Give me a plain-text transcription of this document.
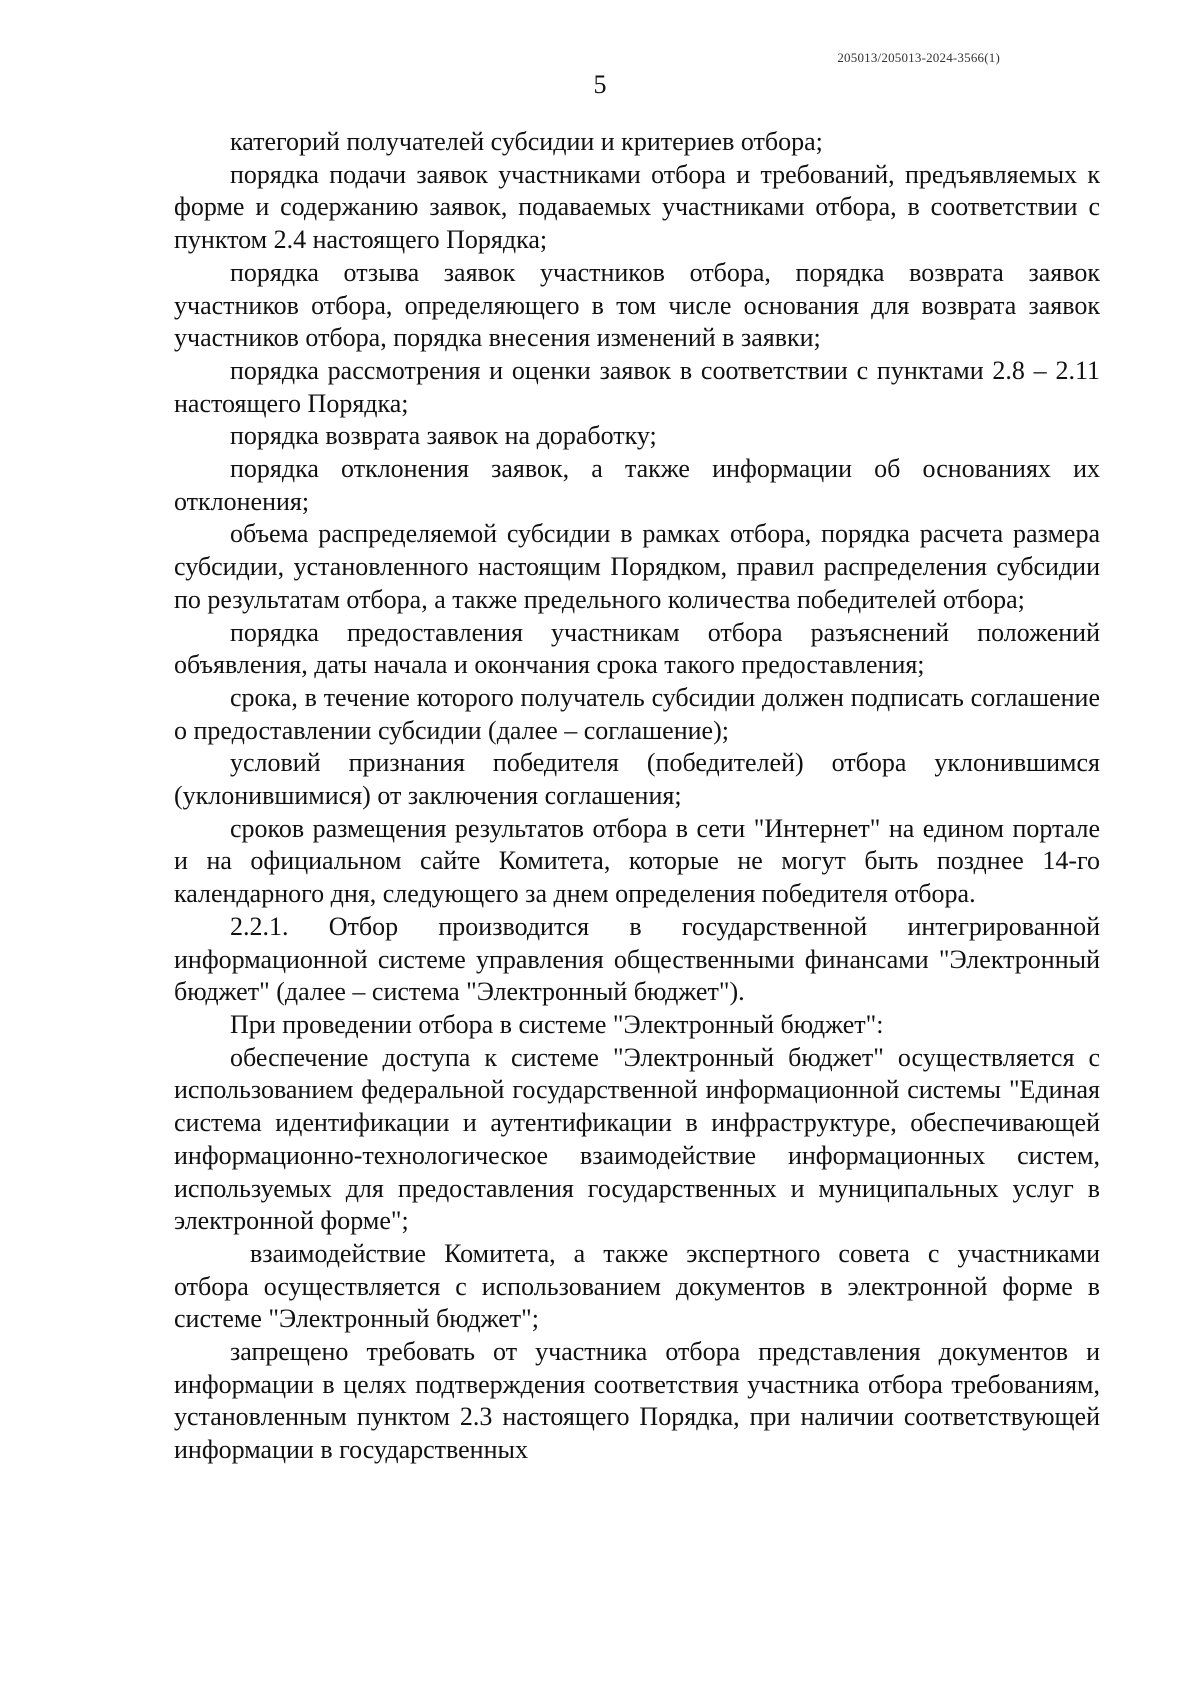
205013/205013-2024-3566(1)
5

категорий получателей субсидии и критериев отбора;

порядка подачи заявок участниками отбора и требований, предъявляемых к форме и содержанию заявок, подаваемых участниками отбора, в соответствии с пунктом 2.4 настоящего Порядка;

порядка отзыва заявок участников отбора, порядка возврата заявок участников отбора, определяющего в том числе основания для возврата заявок участников отбора, порядка внесения изменений в заявки;

порядка рассмотрения и оценки заявок в соответствии с пунктами 2.8 – 2.11 настоящего Порядка;

порядка возврата заявок на доработку;

порядка отклонения заявок, а также информации об основаниях их отклонения;

объема распределяемой субсидии в рамках отбора, порядка расчета размера субсидии, установленного настоящим Порядком, правил распределения субсидии по результатам отбора, а также предельного количества победителей отбора;

порядка предоставления участникам отбора разъяснений положений объявления, даты начала и окончания срока такого предоставления;

срока, в течение которого получатель субсидии должен подписать соглашение о предоставлении субсидии (далее – соглашение);

условий признания победителя (победителей) отбора уклонившимся (уклонившимися) от заключения соглашения;

сроков размещения результатов отбора в сети "Интернет" на едином портале и на официальном сайте Комитета, которые не могут быть позднее 14-го календарного дня, следующего за днем определения победителя отбора.

2.2.1. Отбор производится в государственной интегрированной информационной системе управления общественными финансами "Электронный бюджет" (далее – система "Электронный бюджет").

При проведении отбора в системе "Электронный бюджет":

обеспечение доступа к системе "Электронный бюджет" осуществляется с использованием федеральной государственной информационной системы "Единая система идентификации и аутентификации в инфраструктуре, обеспечивающей информационно-технологическое взаимодействие информационных систем, используемых для предоставления государственных и муниципальных услуг в электронной форме";

взаимодействие Комитета, а также экспертного совета с участниками отбора осуществляется с использованием документов в электронной форме в системе "Электронный бюджет";

запрещено требовать от участника отбора представления документов и информации в целях подтверждения соответствия участника отбора требованиям, установленным пунктом 2.3 настоящего Порядка, при наличии соответствующей информации в государственных
